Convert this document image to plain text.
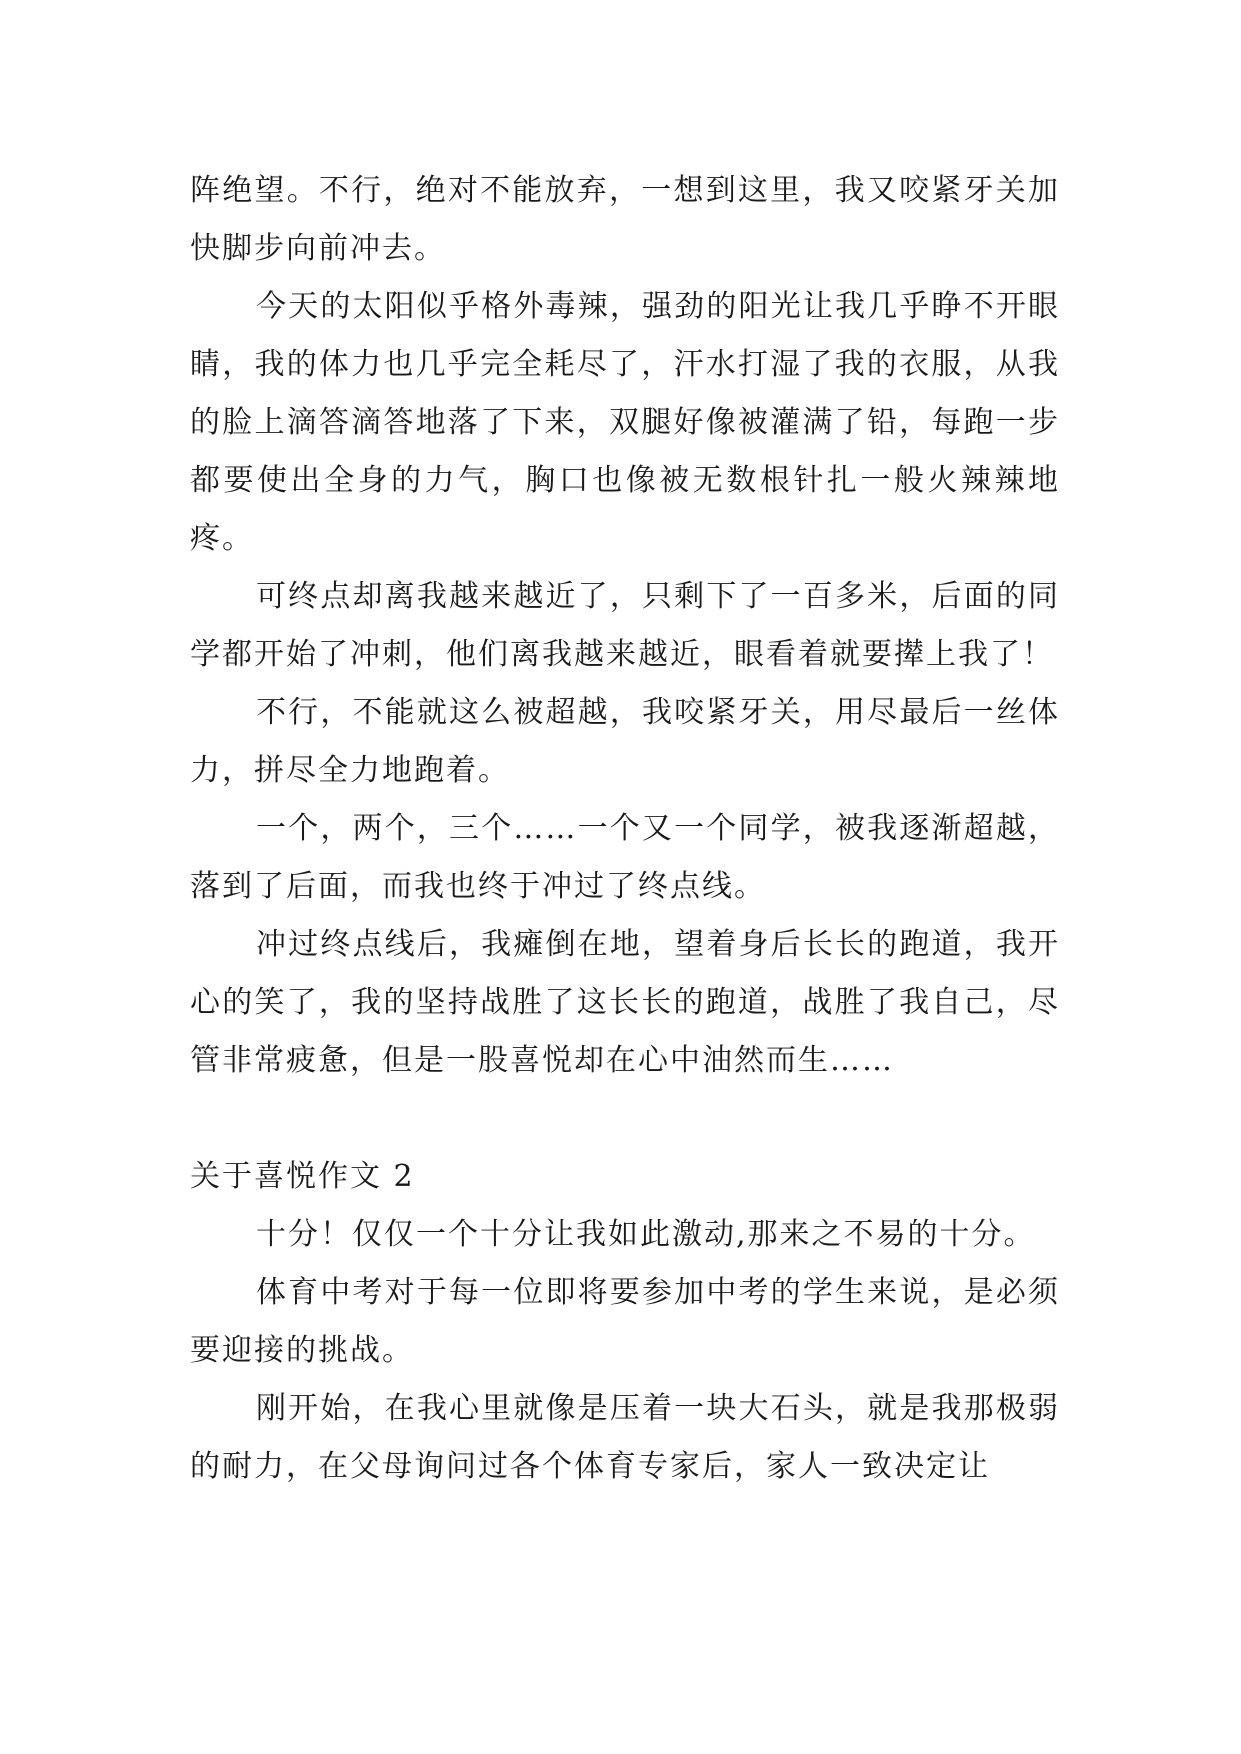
阵绝望。不行，绝对不能放弃，一想到这里，我又咬紧牙关加快脚步向前冲去。

今天的太阳似乎格外毒辣，强劲的阳光让我几乎睁不开眼睛，我的体力也几乎完全耗尽了，汗水打湿了我的衣服，从我的脸上滴答滴答地落了下来，双腿好像被灌满了铅，每跑一步都要使出全身的力气，胸口也像被无数根针扎一般火辣辣地疼。

可终点却离我越来越近了，只剩下了一百多米，后面的同学都开始了冲刺，他们离我越来越近，眼看着就要撵上我了！

不行，不能就这么被超越，我咬紧牙关，用尽最后一丝体力，拼尽全力地跑着。

一个，两个，三个……一个又一个同学，被我逐渐超越，落到了后面，而我也终于冲过了终点线。

冲过终点线后，我瘫倒在地，望着身后长长的跑道，我开心的笑了，我的坚持战胜了这长长的跑道，战胜了我自己，尽管非常疲惫，但是一股喜悦却在心中油然而生……

关于喜悦作文 2

十分！仅仅一个十分让我如此激动,那来之不易的十分。

体育中考对于每一位即将要参加中考的学生来说，是必须要迎接的挑战。

刚开始，在我心里就像是压着一块大石头，就是我那极弱的耐力，在父母询问过各个体育专家后，家人一致决定让
